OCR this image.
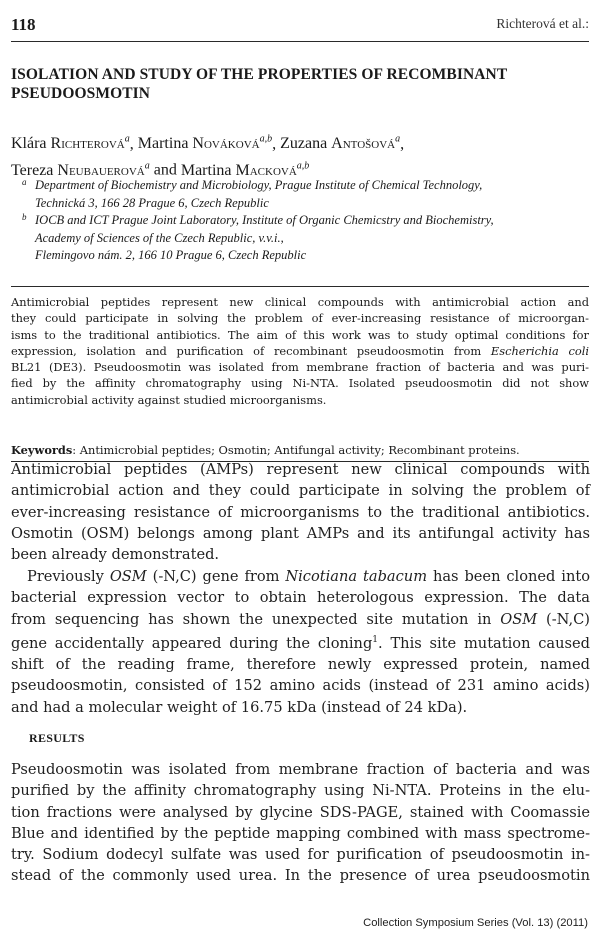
118	Richterová et al.:
ISOLATION AND STUDY OF THE PROPERTIES OF RECOMBINANT
PSEUDOOSMOTIN

Klára Richterová$^a$, Martina Nováková$^{a,b}$, Zuzana Antošová$^a$,
Tereza Neubauerová$^a$ and Martina Macková$^{a,b}$

a Department of Biochemistry and Microbiology, Prague Institute of Chemical Technology,
Technická 3, 166 28 Prague 6, Czech Republic
b IOCB and ICT Prague Joint Laboratory, Institute of Organic Chemicstry and Biochemistry,
Academy of Sciences of the Czech Republic, v.v.i.,
Flemingovo nám. 2, 166 10 Prague 6, Czech Republic
Antimicrobial peptides represent new clinical compounds with antimicrobial action and
they could participate in solving the problem of ever-increasing resistance of microorgan-
isms to the traditional antibiotics. The aim of this work was to study optimal conditions for
expression, isolation and purification of recombinant pseudoosmotin from Escherichia coli
BL21 (DE3). Pseudoosmotin was isolated from membrane fraction of bacteria and was puri-
fied by the affinity chromatography using Ni-NTA. Isolated pseudoosmotin did not show
antimicrobial activity against studied microorganisms.

Keywords: Antimicrobial peptides; Osmotin; Antifungal activity; Recombinant proteins.

Antimicrobial peptides (AMPs) represent new clinical compounds with
antimicrobial action and they could participate in solving the problem of
ever-increasing resistance of microorganisms to the traditional antibiotics.
Osmotin (OSM) belongs among plant AMPs and its antifungal activity has
been already demonstrated.
Previously OSM (-N,C) gene from Nicotiana tabacum has been cloned into
bacterial expression vector to obtain heterologous expression. The data
from sequencing has shown the unexpected site mutation in OSM (-N,C)
gene accidentally appeared during the cloning$^1$. This site mutation caused
shift of the reading frame, therefore newly expressed protein, named
pseudoosmotin, consisted of 152 amino acids (instead of 231 amino acids)
and had a molecular weight of 16.75 kDa (instead of 24 kDa).
RESULTS
Pseudoosmotin was isolated from membrane fraction of bacteria and was
purified by the affinity chromatography using Ni-NTA. Proteins in the elu-
tion fractions were analysed by glycine SDS-PAGE, stained with Coomassie
Blue and identified by the peptide mapping combined with mass spectrome-
try. Sodium dodecyl sulfate was used for purification of pseudoosmotin in-
stead of the commonly used urea. In the presence of urea pseudoosmotin
Collection Symposium Series (Vol. 13) (2011)
